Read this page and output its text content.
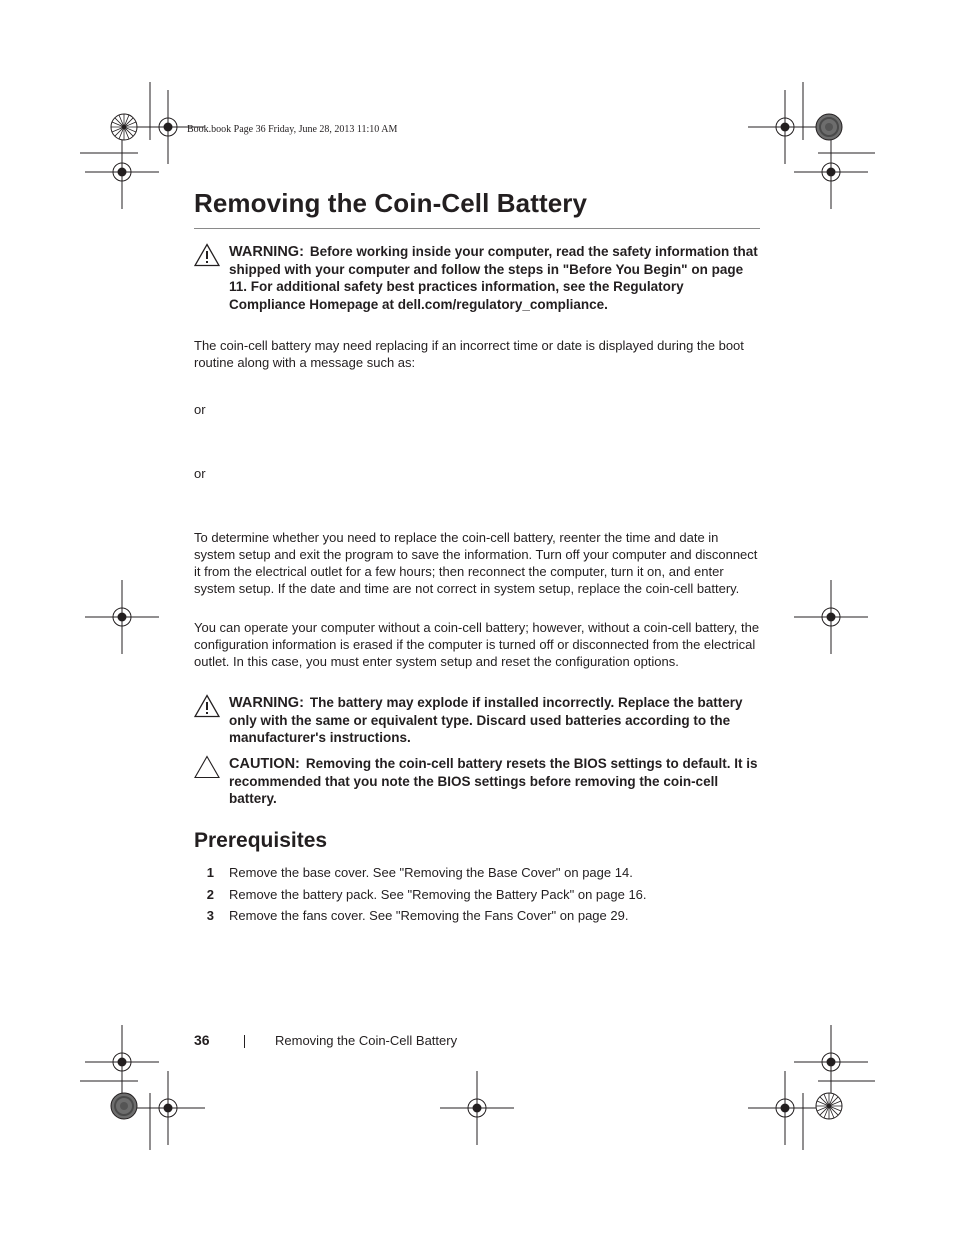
Book.book Page 36 Friday, June 28, 2013 11:10 AM
Removing the Coin-Cell Battery
WARNING: Before working inside your computer, read the safety information that shipped with your computer and follow the steps in "Before You Begin" on page 11. For additional safety best practices information, see the Regulatory Compliance Homepage at dell.com/regulatory_compliance.

The coin-cell battery may need replacing if an incorrect time or date is displayed during the boot routine along with a message such as:

or

or

To determine whether you need to replace the coin-cell battery, reenter the time and date in system setup and exit the program to save the information. Turn off your computer and disconnect it from the electrical outlet for a few hours; then reconnect the computer, turn it on, and enter system setup. If the date and time are not correct in system setup, replace the coin-cell battery.

You can operate your computer without a coin-cell battery; however, without a coin-cell battery, the configuration information is erased if the computer is turned off or disconnected from the electrical outlet. In this case, you must enter system setup and reset the configuration options.

WARNING: The battery may explode if installed incorrectly. Replace the battery only with the same or equivalent type. Discard used batteries according to the manufacturer's instructions.
CAUTION: Removing the coin-cell battery resets the BIOS settings to default. It is recommended that you note the BIOS settings before removing the coin-cell battery.
Prerequisites
1 Remove the base cover. See "Removing the Base Cover" on page 14.
2 Remove the battery pack. See "Removing the Battery Pack" on page 16.
3 Remove the fans cover. See "Removing the Fans Cover" on page 29.
36	Removing the Coin-Cell Battery
